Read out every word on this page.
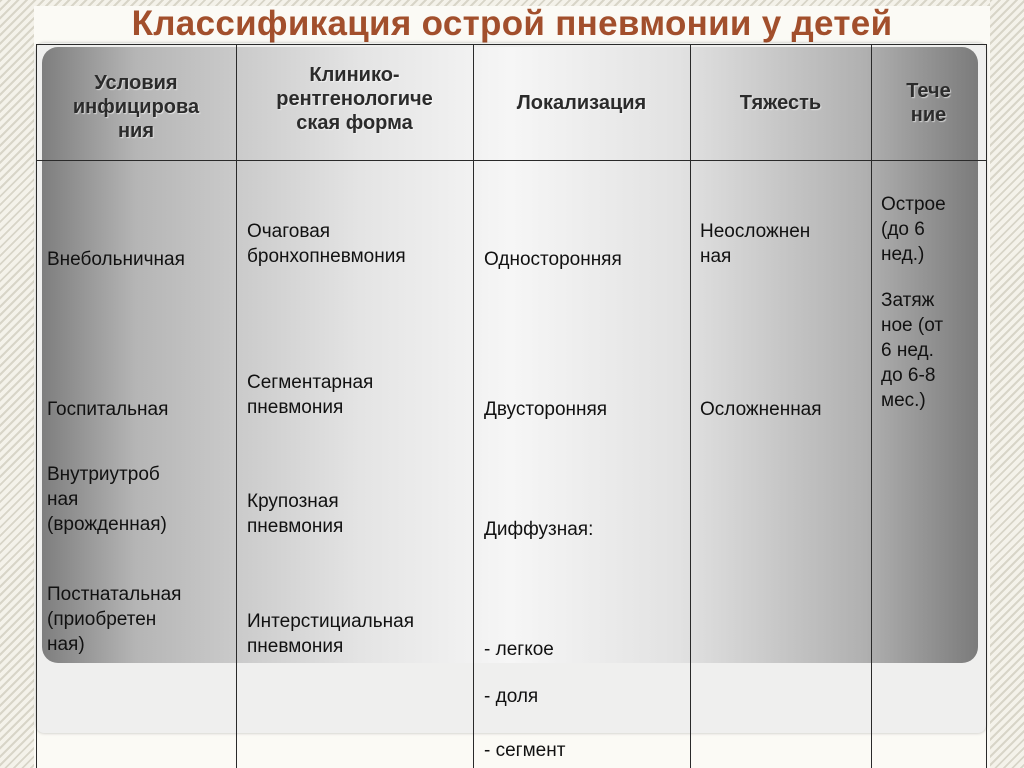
Классификация острой пневмонии у детей
Условия
инфицирова
ния
Клинико-
рентгенологиче
ская форма
Локализация	Тяжесть
Тече
ние
Внебольничная
Госпитальная
Внутриутроб
ная
(врожденная)
Постнатальная
(приобретен
ная)
Очаговая
бронхопневмония
Сегментарная
пневмония
Крупозная
пневмония
Интерстициальная
пневмония
Односторонняя
Двусторонняя
Диффузная:
- легкое
- доля
- сегмент
Неосложнен
ная
Осложненная
Острое
(до 6
нед.)
Затяж
ное (от
6 нед.
до 6-8
мес.)
